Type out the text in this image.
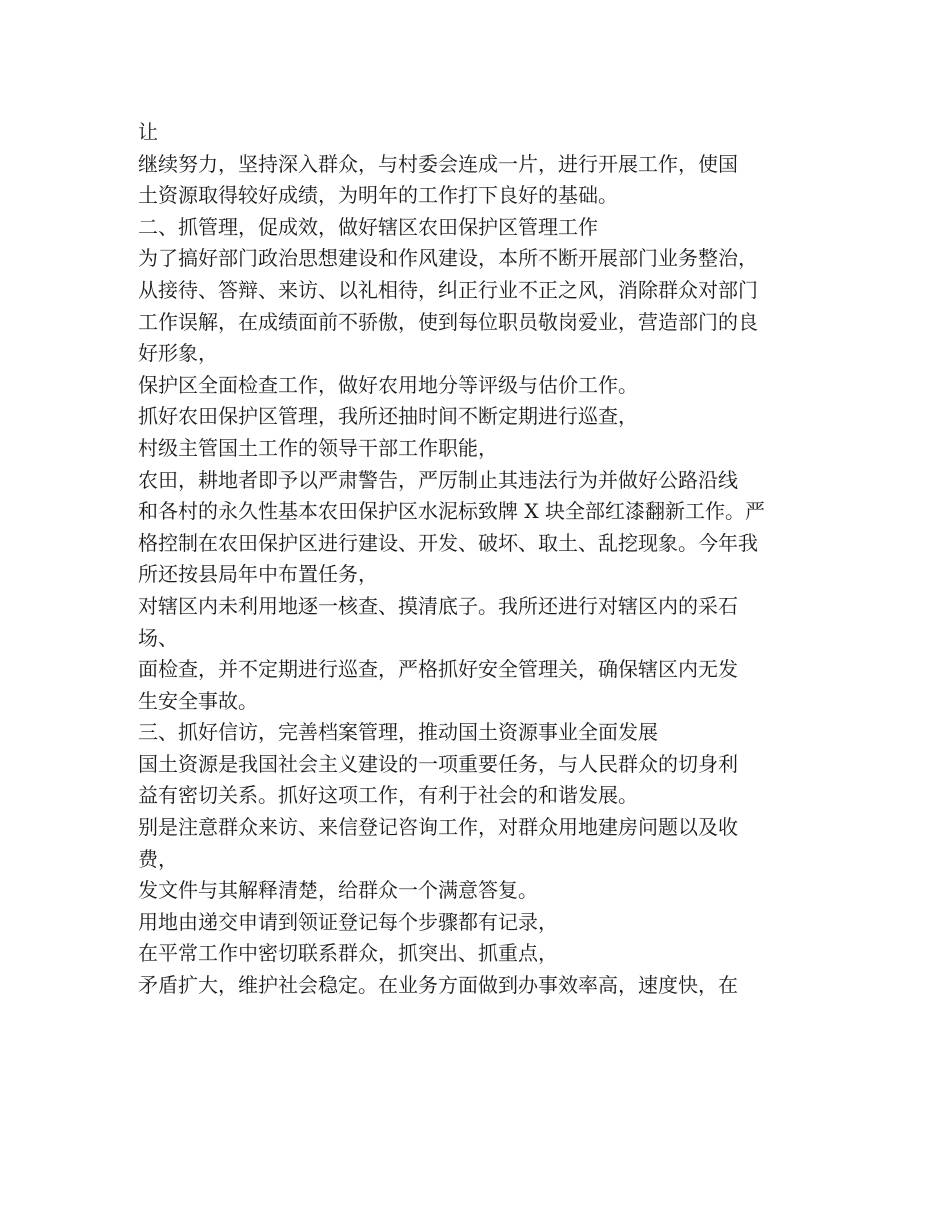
让
继续努力，坚持深入群众，与村委会连成一片，进行开展工作，使国
土资源取得较好成绩，为明年的工作打下良好的基础。
二、抓管理，促成效，做好辖区农田保护区管理工作
为了搞好部门政治思想建设和作风建设，本所不断开展部门业务整治，
从接待、答辩、来访、以礼相待，纠正行业不正之风，消除群众对部门
工作误解，在成绩面前不骄傲，使到每位职员敬岗爱业，营造部门的良
好形象，
保护区全面检查工作，做好农用地分等评级与估价工作。
抓好农田保护区管理，我所还抽时间不断定期进行巡查，
村级主管国土工作的领导干部工作职能，
农田，耕地者即予以严肃警告，严厉制止其违法行为并做好公路沿线
和各村的永久性基本农田保护区水泥标致牌 X 块全部红漆翻新工作。严
格控制在农田保护区进行建设、开发、破坏、取土、乱挖现象。今年我
所还按县局年中布置任务，
对辖区内未利用地逐一核查、摸清底子。我所还进行对辖区内的采石
场、
面检查，并不定期进行巡查，严格抓好安全管理关，确保辖区内无发
生安全事故。
三、抓好信访，完善档案管理，推动国土资源事业全面发展
国土资源是我国社会主义建设的一项重要任务，与人民群众的切身利
益有密切关系。抓好这项工作，有利于社会的和谐发展。
别是注意群众来访、来信登记咨询工作，对群众用地建房问题以及收
费，
发文件与其解释清楚，给群众一个满意答复。
用地由递交申请到领证登记每个步骤都有记录，
在平常工作中密切联系群众，抓突出、抓重点，
矛盾扩大，维护社会稳定。在业务方面做到办事效率高，速度快，在
